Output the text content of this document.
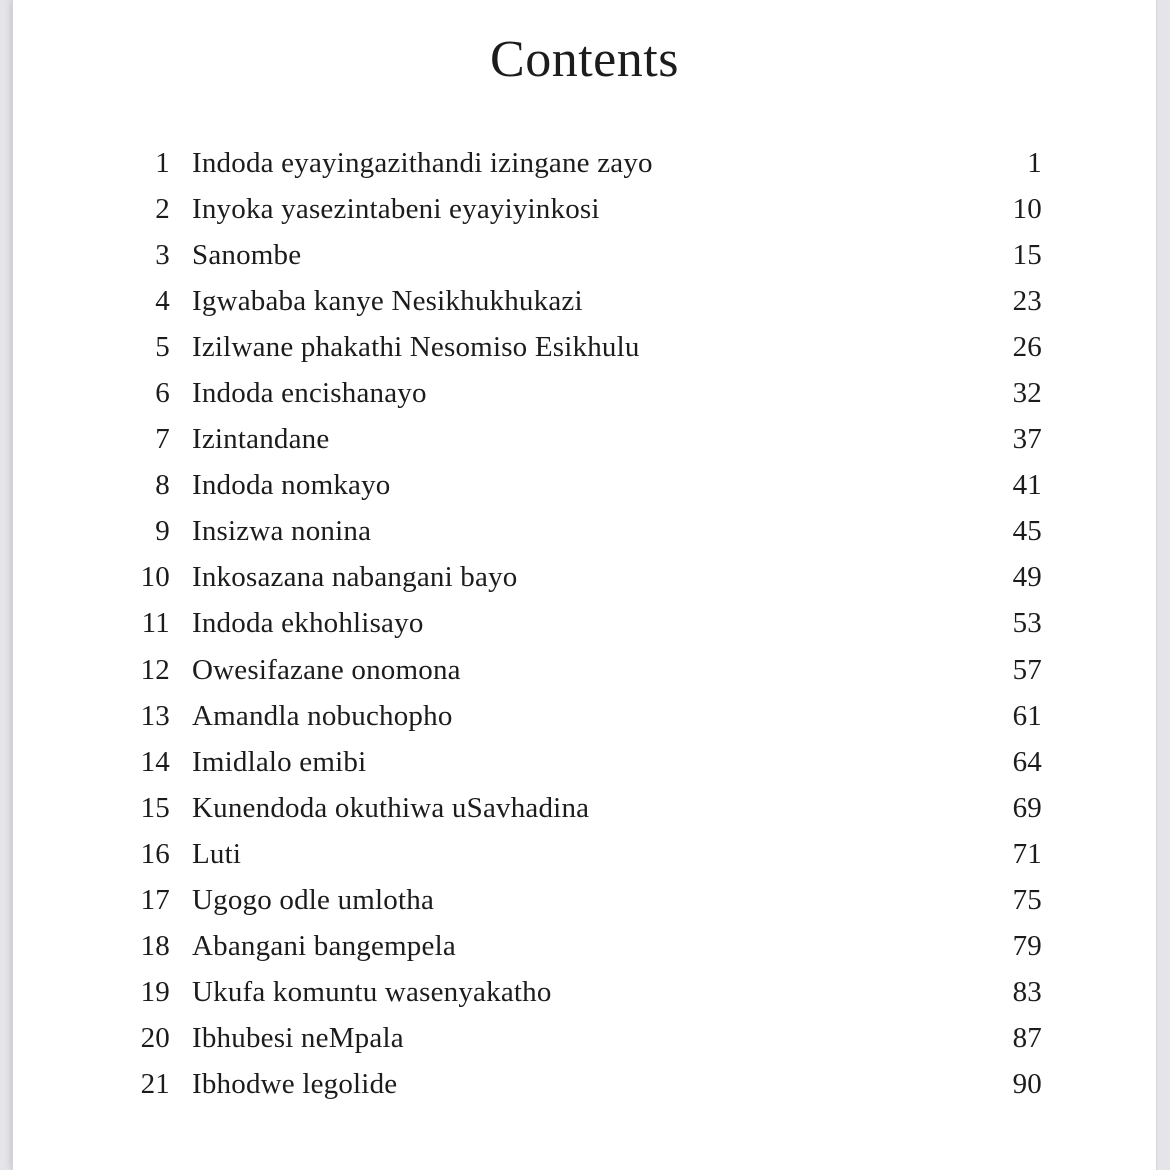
Contents
1 Indoda eyayingazithandi izingane zayo	1
2 Inyoka yasezintabeni eyayiyinkosi	10
3 Sanombe	15
4 Igwababa kanye Nesikhukhukazi	23
5 Izilwane phakathi Nesomiso Esikhulu	26
6 Indoda encishanayo	32
7 Izintandane	37
8 Indoda nomkayo	41
9 Insizwa nonina	45
10 Inkosazana nabangani bayo	49
11 Indoda ekhohlisayo	53
12 Owesifazane onomona	57
13 Amandla nobuchopho	61
14 Imidlalo emibi	64
15 Kunendoda okuthiwa uSavhadina	69
16 Luti	71
17 Ugogo odle umlotha	75
18 Abangani bangempela	79
19 Ukufa komuntu wasenyakatho	83
20 Ibhubesi neMpala	87
21 Ibhodwe legolide	90
